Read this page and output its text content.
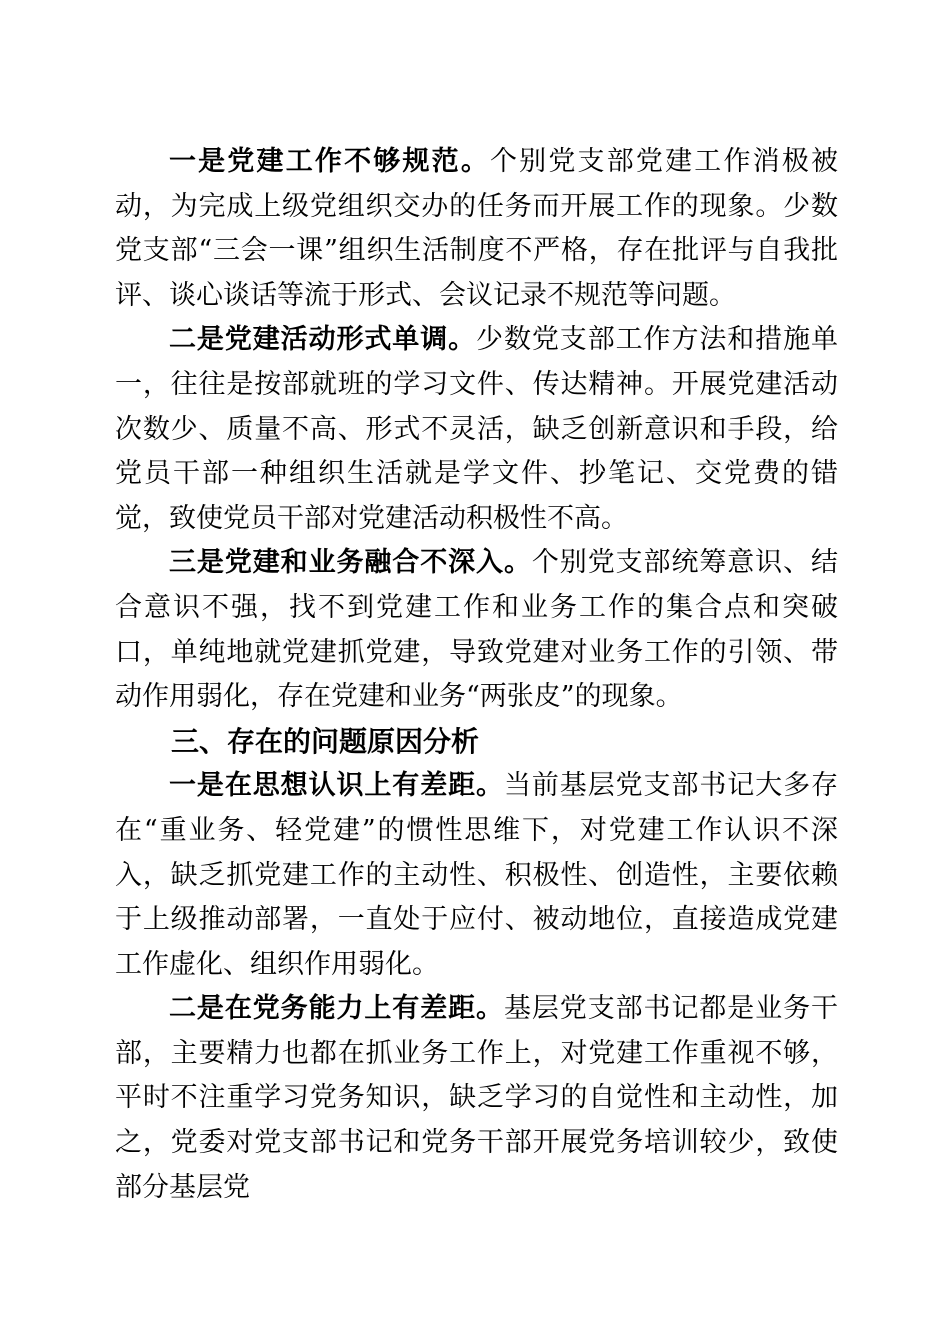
一是党建工作不够规范。个别党支部党建工作消极被动，为完成上级党组织交办的任务而开展工作的现象。少数党支部“三会一课”组织生活制度不严格，存在批评与自我批评、谈心谈话等流于形式、会议记录不规范等问题。

二是党建活动形式单调。少数党支部工作方法和措施单一，往往是按部就班的学习文件、传达精神。开展党建活动次数少、质量不高、形式不灵活，缺乏创新意识和手段，给党员干部一种组织生活就是学文件、抄笔记、交党费的错觉，致使党员干部对党建活动积极性不高。

三是党建和业务融合不深入。个别党支部统筹意识、结合意识不强，找不到党建工作和业务工作的集合点和突破口，单纯地就党建抓党建，导致党建对业务工作的引领、带动作用弱化，存在党建和业务“两张皮”的现象。

三、存在的问题原因分析

一是在思想认识上有差距。当前基层党支部书记大多存在“重业务、轻党建”的惯性思维下，对党建工作认识不深入，缺乏抓党建工作的主动性、积极性、创造性，主要依赖于上级推动部署，一直处于应付、被动地位，直接造成党建工作虚化、组织作用弱化。

二是在党务能力上有差距。基层党支部书记都是业务干部，主要精力也都在抓业务工作上，对党建工作重视不够，平时不注重学习党务知识，缺乏学习的自觉性和主动性，加之，党委对党支部书记和党务干部开展党务培训较少，致使部分基层党
